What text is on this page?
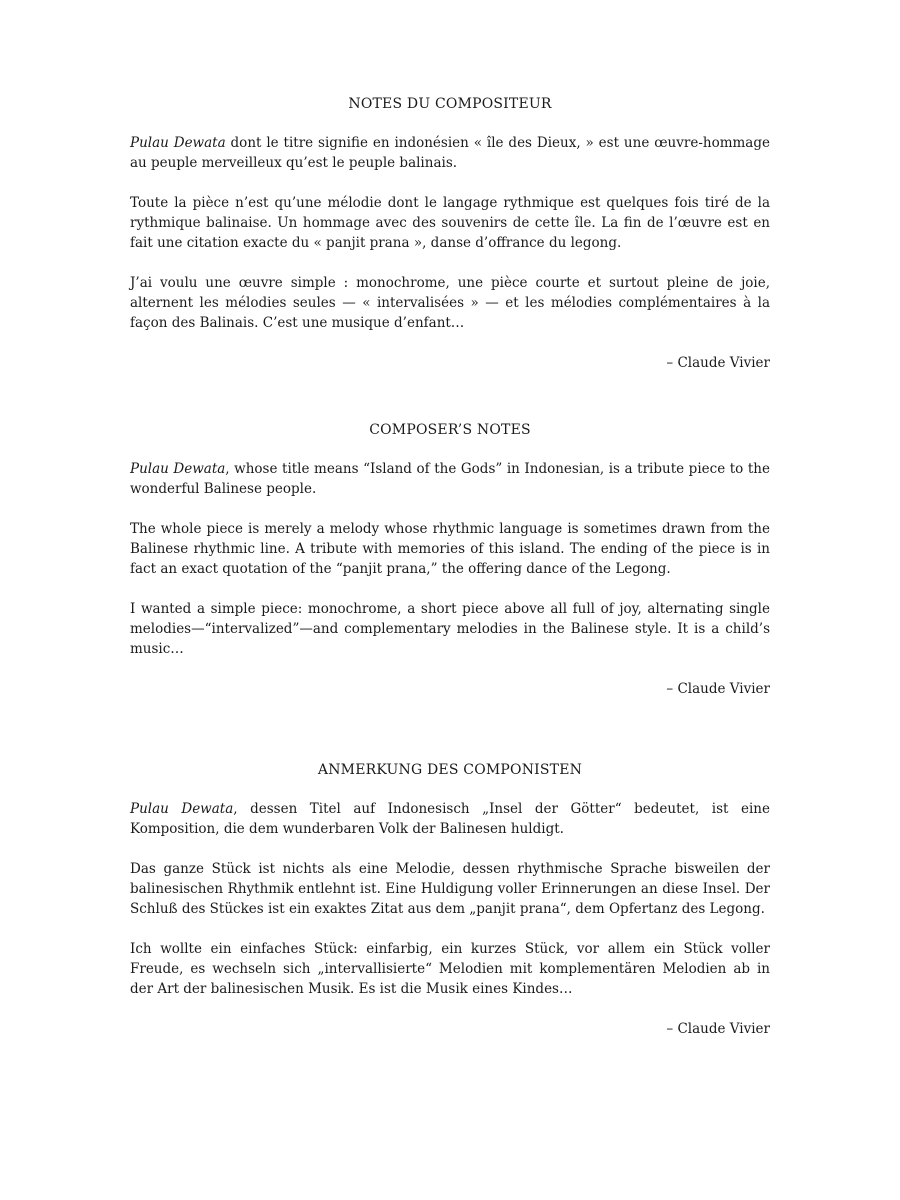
NOTES DU COMPOSITEUR

Pulau Dewata dont le titre signifie en indonésien « île des Dieux, » est une œuvre-hommage au peuple merveilleux qu’est le peuple balinais.

Toute la pièce n’est qu’une mélodie dont le langage rythmique est quelques fois tiré de la rythmique balinaise. Un hommage avec des souvenirs de cette île. La fin de l’œuvre est en fait une citation exacte du « panjit prana », danse d’offrance du legong.

J’ai voulu une œuvre simple : monochrome, une pièce courte et surtout pleine de joie, alternent les mélodies seules — « intervalisées » — et les mélodies complémentaires à la façon des Balinais. C’est une musique d’enfant…

– Claude Vivier

COMPOSER’S NOTES

Pulau Dewata, whose title means “Island of the Gods” in Indonesian, is a tribute piece to the wonderful Balinese people.

The whole piece is merely a melody whose rhythmic language is sometimes drawn from the Balinese rhythmic line. A tribute with memories of this island. The ending of the piece is in fact an exact quotation of the “panjit prana,” the offering dance of the Legong.

I wanted a simple piece: monochrome, a short piece above all full of joy, alternating single melodies—“intervalized”—and complementary melodies in the Balinese style. It is a child’s music…

– Claude Vivier

ANMERKUNG DES COMPONISTEN

Pulau Dewata, dessen Titel auf Indonesisch „Insel der Götter“ bedeutet, ist eine Komposition, die dem wunderbaren Volk der Balinesen huldigt.

Das ganze Stück ist nichts als eine Melodie, dessen rhythmische Sprache bisweilen der balinesischen Rhythmik entlehnt ist. Eine Huldigung voller Erinnerungen an diese Insel. Der Schluß des Stückes ist ein exaktes Zitat aus dem „panjit prana“, dem Opfertanz des Legong.

Ich wollte ein einfaches Stück: einfarbig, ein kurzes Stück, vor allem ein Stück voller Freude, es wechseln sich „intervallisierte“ Melodien mit komplementären Melodien ab in der Art der balinesischen Musik. Es ist die Musik eines Kindes…

– Claude Vivier
